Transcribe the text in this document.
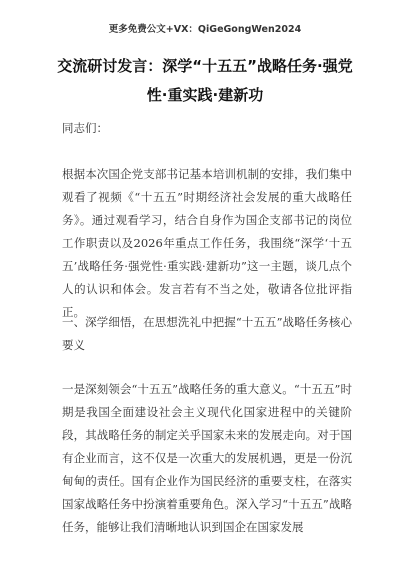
更多免费公文+VX：QiGeGongWen2024
交流研讨发言：深学“十五五”战略任务·强党性·重实践·建新功

同志们：

根据本次国企党支部书记基本培训机制的安排，我们集中观看了视频《“十五五”时期经济社会发展的重大战略任务》。通过观看学习，结合自身作为国企支部书记的岗位工作职责以及2026年重点工作任务，我围绕“深学‘十五五’战略任务·强党性·重实践·建新功”这一主题，谈几点个人的认识和体会。发言若有不当之处，敬请各位批评指正。

一、深学细悟，在思想洗礼中把握“十五五”战略任务核心要义

一是深刻领会“十五五”战略任务的重大意义。“十五五”时期是我国全面建设社会主义现代化国家进程中的关键阶段，其战略任务的制定关乎国家未来的发展走向。对于国有企业而言，这不仅是一次重大的发展机遇，更是一份沉甸甸的责任。国有企业作为国民经济的重要支柱，在落实国家战略任务中扮演着重要角色。深入学习“十五五”战略任务，能够让我们清晰地认识到国企在国家发展
